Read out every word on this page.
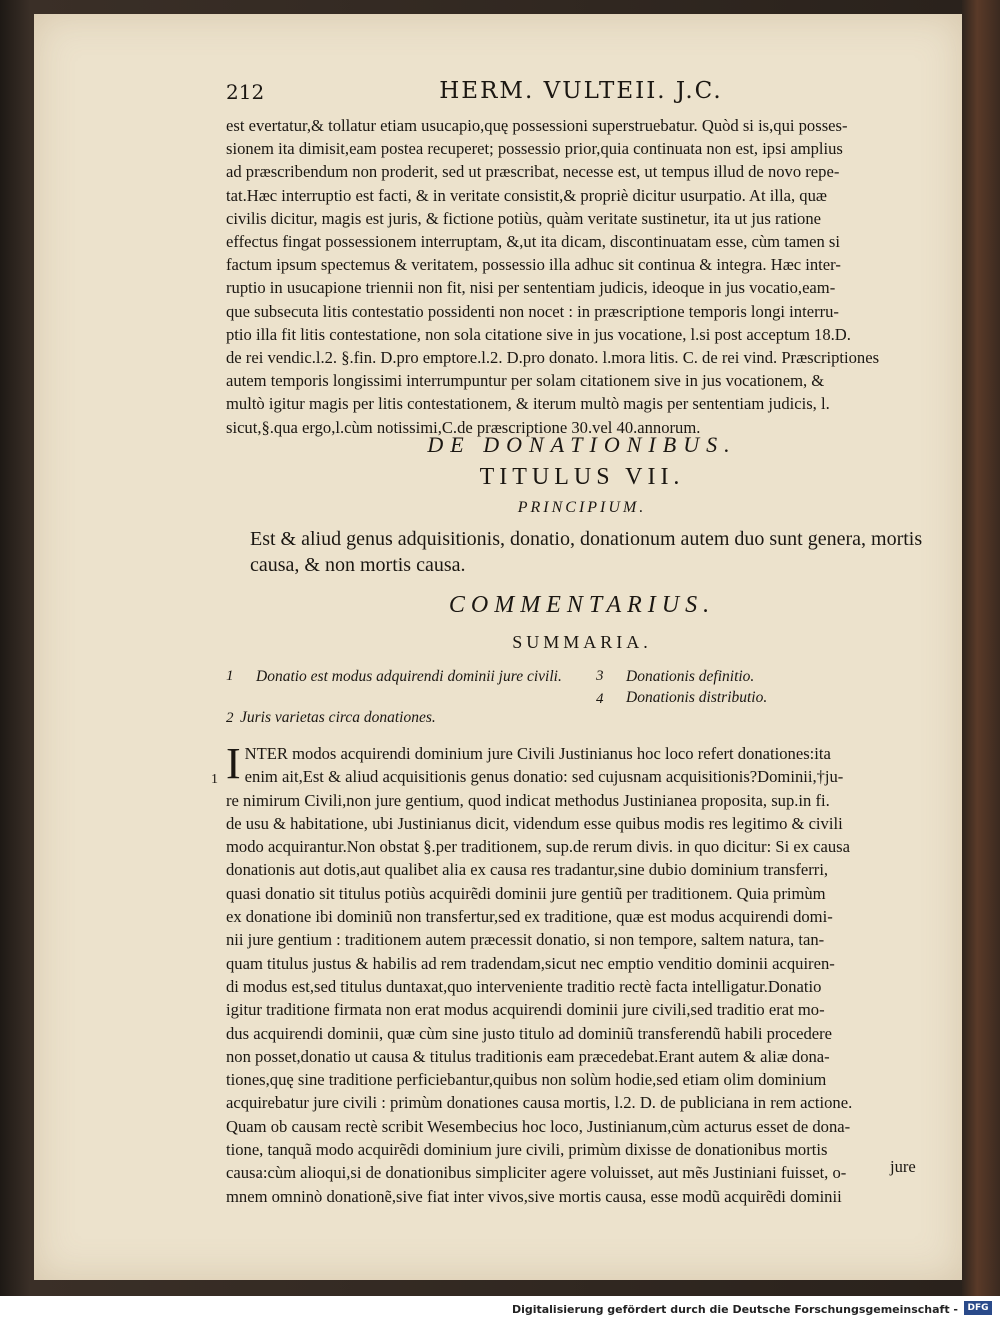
212	HERM. VULTEII. J.C.
est evertatur,& tollatur etiam usucapio,quę possessioni superstruebatur. Quòd si is,qui posses-
sionem ita dimisit,eam postea recuperet; possessio prior,quia continuata non est, ipsi amplius
ad præscribendum non proderit, sed ut præscribat, necesse est, ut tempus illud de novo repe-
tat.Hæc interruptio est facti, & in veritate consistit,& propriè dicitur usurpatio. At illa, quæ
civilis dicitur, magis est juris, & fictione potiùs, quàm veritate sustinetur, ita ut jus ratione
effectus fingat possessionem interruptam, &,ut ita dicam, discontinuatam esse, cùm tamen si
factum ipsum spectemus & veritatem, possessio illa adhuc sit continua & integra. Hæc inter-
ruptio in usucapione triennii non fit, nisi per sententiam judicis, ideoque in jus vocatio,eam-
que subsecuta litis contestatio possidenti non nocet : in præscriptione temporis longi interru-
ptio illa fit litis contestatione, non sola citatione sive in jus vocatione, l.si post acceptum 18.D.
de rei vendic.l.2. §.fin. D.pro emptore.l.2. D.pro donato. l.mora litis. C. de rei vind. Præscriptiones
autem temporis longissimi interrumpuntur per solam citationem sive in jus vocationem, &
multò igitur magis per litis contestationem, & iterum multò magis per sententiam judicis, l.
sicut,§.qua ergo,l.cùm notissimi,C.de præscriptione 30.vel 40.annorum.
DE DONATIONIBUS.
TITULUS VII.
PRINCIPIUM.

Est & aliud genus adquisitionis, donatio, donationum autem duo sunt genera, mortis causa, & non mortis causa.

COMMENTARIUS.
SUMMARIA.
1 Donatio est modus adquirendi dominii jure civili.
2 Juris varietas circa donationes.
3 Donationis definitio.
4 Donationis distributio.
1 I NTER modos acquirendi dominium jure Civili Justinianus hoc loco refert donationes:ita
enim ait,Est & aliud acquisitionis genus donatio: sed cujusnam acquisitionis?Dominii,†ju-
re nimirum Civili,non jure gentium, quod indicat methodus Justinianea proposita, sup.in fi.
de usu & habitatione, ubi Justinianus dicit, videndum esse quibus modis res legitimo & civili
modo acquirantur.Non obstat §.per traditionem, sup.de rerum divis. in quo dicitur: Si ex causa
donationis aut dotis,aut qualibet alia ex causa res tradantur,sine dubio dominium transferri,
quasi donatio sit titulus potiùs acquirẽdi dominii jure gentiũ per traditionem. Quia primùm
ex donatione ibi dominiũ non transfertur,sed ex traditione, quæ est modus acquirendi domi-
nii jure gentium : traditionem autem præcessit donatio, si non tempore, saltem natura, tan-
quam titulus justus & habilis ad rem tradendam,sicut nec emptio venditio dominii acquiren-
di modus est,sed titulus duntaxat,quo interveniente traditio rectè facta intelligatur.Donatio
igitur traditione firmata non erat modus acquirendi dominii jure civili,sed traditio erat mo-
dus acquirendi dominii, quæ cùm sine justo titulo ad dominiũ transferendũ habili procedere
non posset,donatio ut causa & titulus traditionis eam præcedebat.Erant autem & aliæ dona-
tiones,quę sine traditione perficiebantur,quibus non solùm hodie,sed etiam olim dominium
acquirebatur jure civili : primùm donationes causa mortis, l.2. D. de publiciana in rem actione.
Quam ob causam rectè scribit Wesembecius hoc loco, Justinianum,cùm acturus esset de dona-
tione, tanquã modo acquirẽdi dominium jure civili, primùm dixisse de donationibus mortis
causa:cùm alioqui,si de donationibus simpliciter agere voluisset, aut mẽs Justiniani fuisset, o-
mnem omninò donationẽ,sive fiat inter vivos,sive mortis causa, esse modũ acquirẽdi dominii
jure
Digitalisierung gefördert durch die Deutsche Forschungsgemeinschaft -	DFG
